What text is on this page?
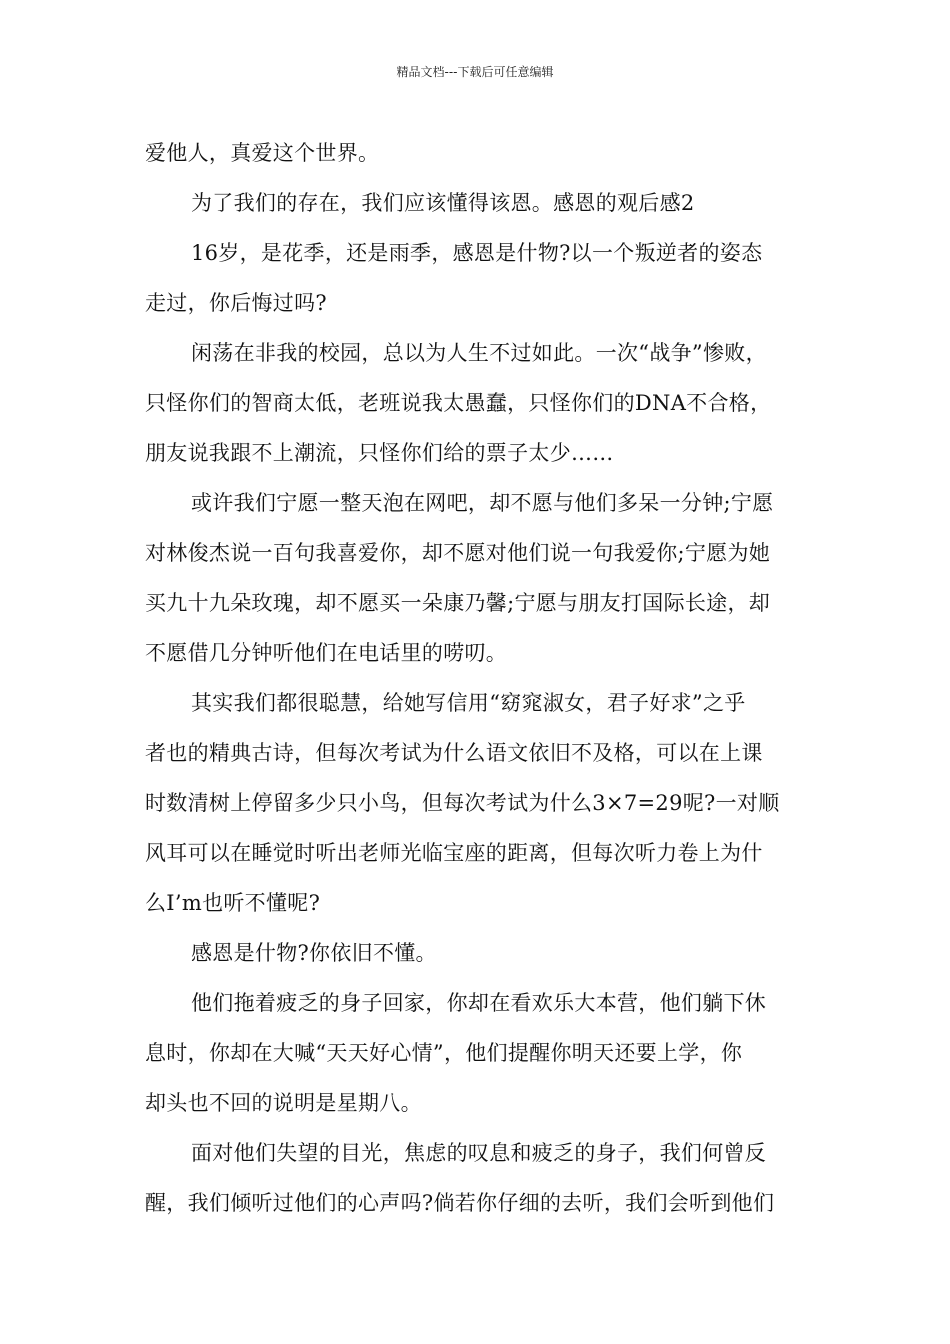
精品文档---下载后可任意编辑
爱他人，真爱这个世界。
为了我们的存在，我们应该懂得该恩。感恩的观后感2
16岁，是花季，还是雨季，感恩是什物?以一个叛逆者的姿态
走过，你后悔过吗?
闲荡在非我的校园，总以为人生不过如此。一次“战争”惨败，
只怪你们的智商太低，老班说我太愚蠢，只怪你们的DNA不合格，
朋友说我跟不上潮流，只怪你们给的票子太少……
或许我们宁愿一整天泡在网吧，却不愿与他们多呆一分钟;宁愿
对林俊杰说一百句我喜爱你，却不愿对他们说一句我爱你;宁愿为她
买九十九朵玫瑰，却不愿买一朵康乃馨;宁愿与朋友打国际长途，却
不愿借几分钟听他们在电话里的唠叨。
其实我们都很聪慧，给她写信用“窈窕淑女，君子好求”之乎
者也的精典古诗，但每次考试为什么语文依旧不及格，可以在上课
时数清树上停留多少只小鸟，但每次考试为什么3×7=29呢?一对顺
风耳可以在睡觉时听出老师光临宝座的距离，但每次听力卷上为什
么I’m也听不懂呢?
感恩是什物?你依旧不懂。
他们拖着疲乏的身子回家，你却在看欢乐大本营，他们躺下休
息时，你却在大喊“天天好心情”，他们提醒你明天还要上学，你
却头也不回的说明是星期八。
面对他们失望的目光，焦虑的叹息和疲乏的身子，我们何曾反
醒，我们倾听过他们的心声吗?倘若你仔细的去听，我们会听到他们
